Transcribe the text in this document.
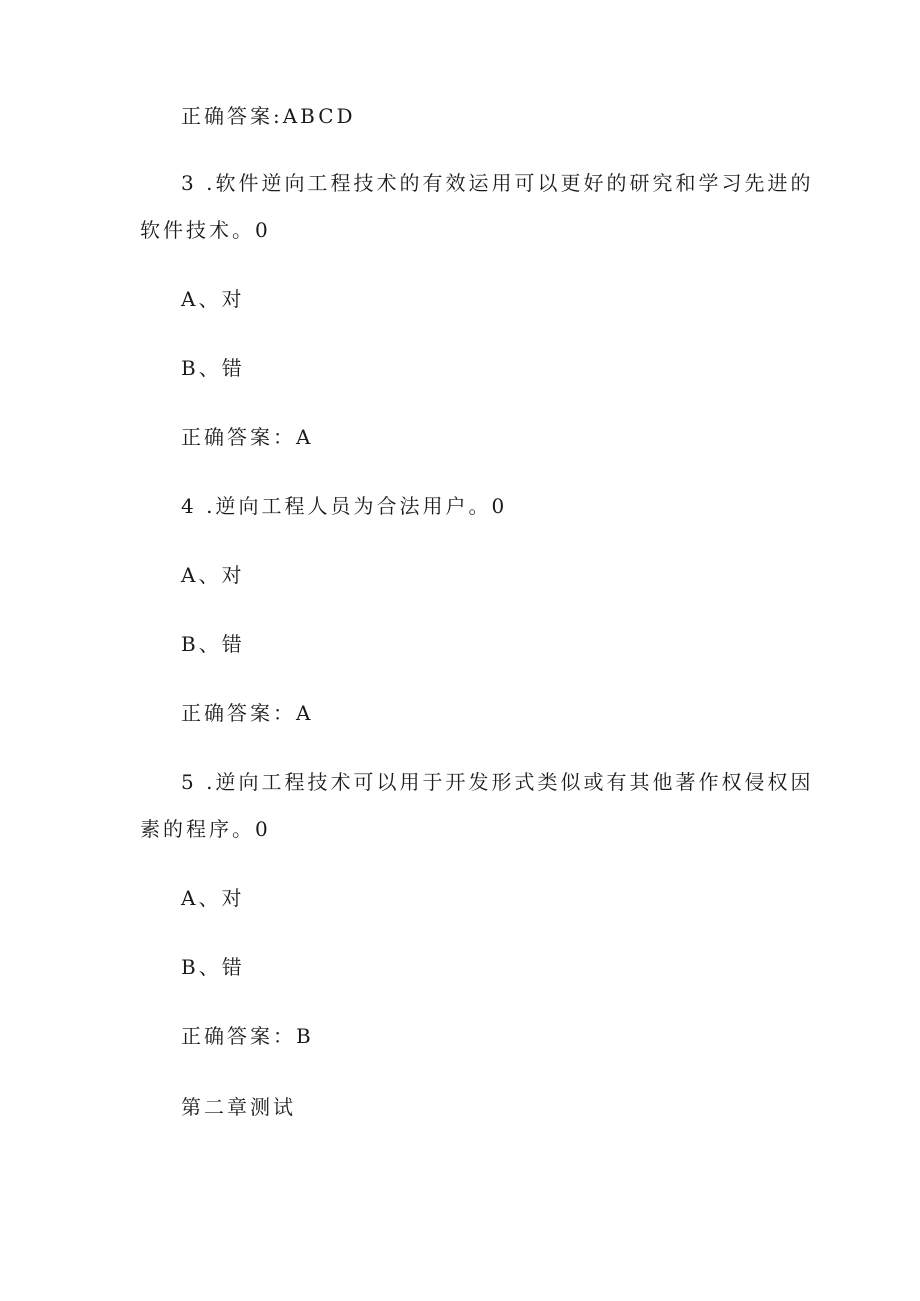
正确答案:ABCD
3 .软件逆向工程技术的有效运用可以更好的研究和学习先进的
软件技术。0
A、对
B、错
正确答案：A
4 .逆向工程人员为合法用户。0
A、对
B、错
正确答案：A
5 .逆向工程技术可以用于开发形式类似或有其他著作权侵权因
素的程序。0
A、对
B、错
正确答案：B
第二章测试
